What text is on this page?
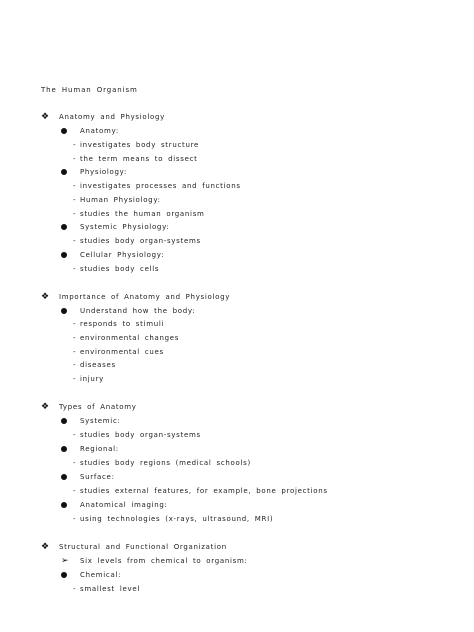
The Human Organism
❖ Anatomy and Physiology
Anatomy:
- investigates body structure
- the term means to dissect
Physiology:
- investigates processes and functions
- Human Physiology:
- studies the human organism
Systemic Physiology:
- studies body organ-systems
Cellular Physiology:
- studies body cells
❖ Importance of Anatomy and Physiology
Understand how the body:
- responds to stimuli
- environmental changes
- environmental cues
- diseases
- injury
❖ Types of Anatomy
Systemic:
- studies body organ-systems
Regional:
- studies body regions (medical schools)
Surface:
- studies external features, for example, bone projections
Anatomical imaging:
- using technologies (x-rays, ultrasound, MRI)
❖ Structural and Functional Organization
➢ Six levels from chemical to organism:
Chemical:
- smallest level
